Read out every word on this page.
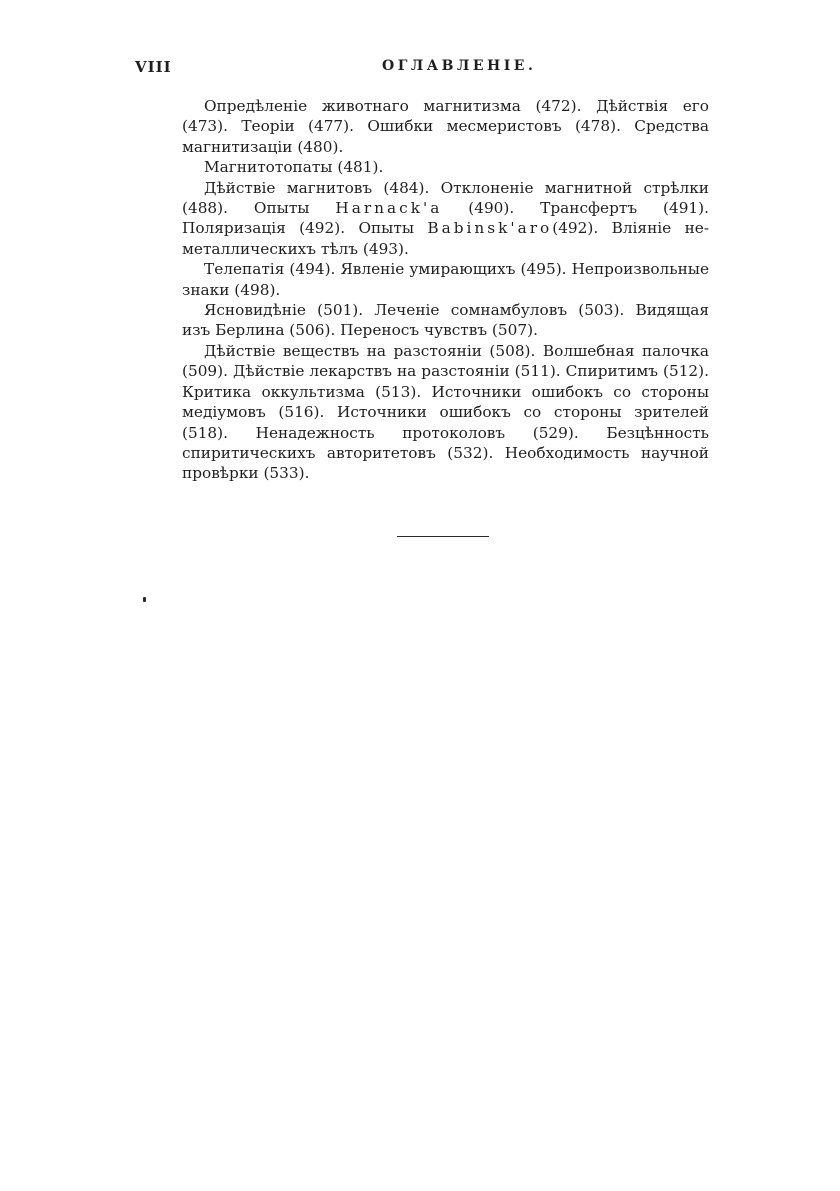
VIII	ОГЛАВЛЕНIЕ.

Опредѣленіе животнаго магнитизма (472). Дѣйствія его (473). Теоріи (477). Ошибки месмеристовъ (478). Средства магнитизаціи (480).

Магнитотопаты (481).

Дѣйствіе магнитовъ (484). Отклоненіе магнитной стрѣлки (488). Опыты Harnack'a (490). Трансфертъ (491). Поляризація (492). Опыты Babinsk'aro(492). Вліяніе не-металлическихъ тѣлъ (493).

Телепатія (494). Явленіе умирающихъ (495). Непроизвольные знаки (498).

Ясновидѣніе (501). Леченіе сомнамбуловъ (503). Видящая изъ Берлина (506). Переносъ чувствъ (507).

Дѣйствіе веществъ на разстояніи (508). Волшебная палочка (509). Дѣйствіе лекарствъ на разстояніи (511). Спиритимъ (512). Критика оккультизма (513). Источники ошибокъ со стороны медіумовъ (516). Источники ошибокъ со стороны зрителей (518). Ненадежность протоколовъ (529). Безцѣнность спиритическихъ авторитетовъ (532). Необходимость научной провѣрки (533).
